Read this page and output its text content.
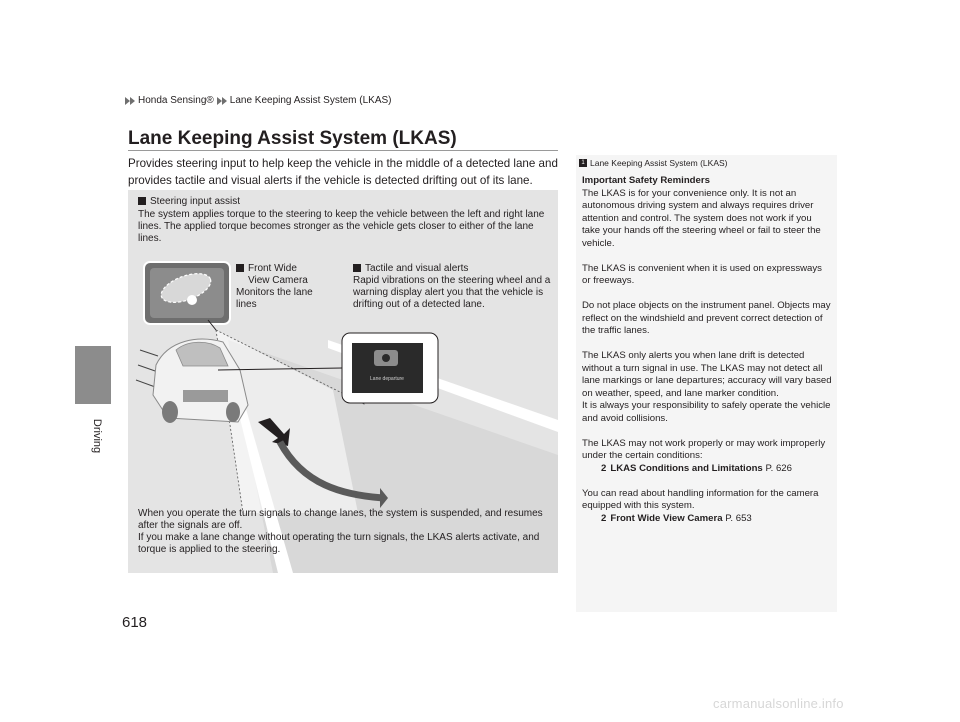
Honda Sensing® Lane Keeping Assist System (LKAS)
Driving
618
Lane Keeping Assist System (LKAS)
Provides steering input to help keep the vehicle in the middle of a detected lane and provides tactile and visual alerts if the vehicle is detected drifting out of its lane.
Lane departure
Steering input assist
The system applies torque to the steering to keep the vehicle between the left and right lane lines. The applied torque becomes stronger as the vehicle gets closer to either of the lane lines.
Front Wide
View Camera
Monitors the lane lines
Tactile and visual alerts
Rapid vibrations on the steering wheel and a warning display alert you that the vehicle is drifting out of a detected lane.
When you operate the turn signals to change lanes, the system is suspended, and resumes after the signals are off.
If you make a lane change without operating the turn signals, the LKAS alerts activate, and torque is applied to the steering.
1 Lane Keeping Assist System (LKAS)

Important Safety Reminders

The LKAS is for your convenience only. It is not an autonomous driving system and always requires driver attention and control. The system does not work if you take your hands off the steering wheel or fail to steer the vehicle.

The LKAS is convenient when it is used on expressways or freeways.

Do not place objects on the instrument panel. Objects may reflect on the windshield and prevent correct detection of the traffic lanes.

The LKAS only alerts you when lane drift is detected without a turn signal in use. The LKAS may not detect all lane markings or lane departures; accuracy will vary based on weather, speed, and lane marker condition.

It is always your responsibility to safely operate the vehicle and avoid collisions.

The LKAS may not work properly or may work improperly under the certain conditions:
2 LKAS Conditions and Limitations P. 626

You can read about handling information for the camera equipped with this system.
2 Front Wide View Camera P. 653

carmanualsonline.info
